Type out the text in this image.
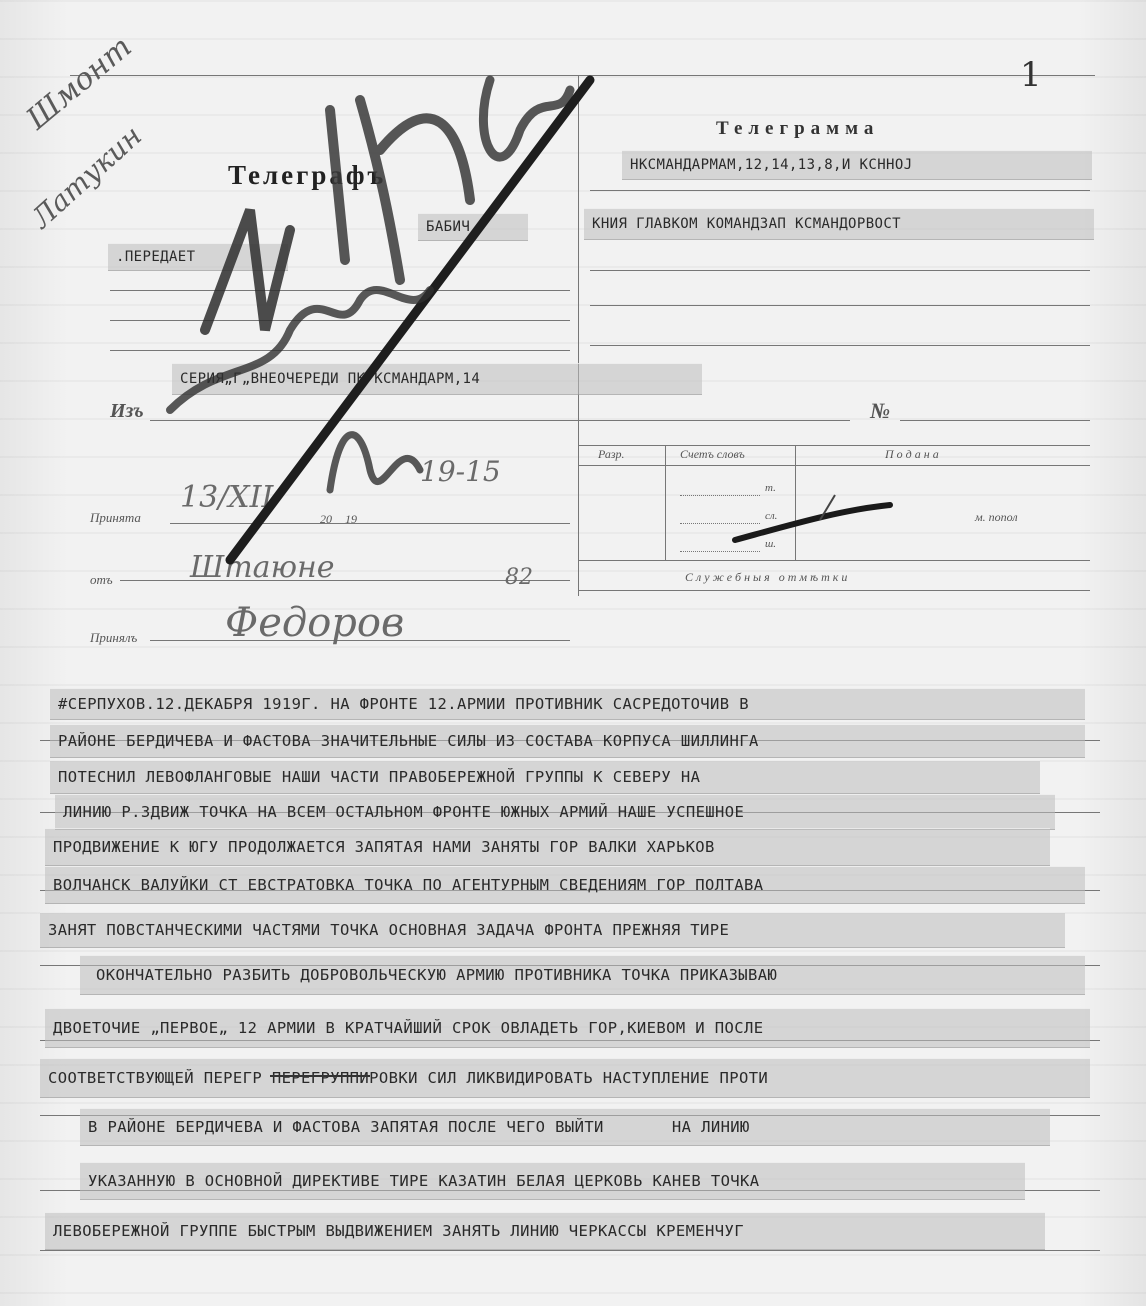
Телеграфъ
Телеграмма
1
Изъ	№
Принята	20 19
отъ
Принялъ
Разр.	Счетъ словъ	П о д а н а
т.
сл.
ш.
м. попол
С л у ж е б н ы я   о т м ѣ т к и
НКСМАНДАРМАМ,12,14,13,8,И КСННОЈ
КНИЯ ГЛАВКОМ КОМАНДЗАП КСМАНДОРВОСТ
.ПЕРЕДАЕТ
БАБИЧ
СЕРИЯ„Г„ВНЕОЧЕРЕДИ ПК КСМАНДАРМ,14
#СЕРПУХОВ.12.ДЕКАБРЯ 1919Г. НА ФРОНТЕ 12.АРМИИ ПРОТИВНИК САСРЕДОТОЧИВ В
РАЙОНЕ БЕРДИЧЕВА И ФАСТОВА ЗНАЧИТЕЛЬНЫЕ СИЛЫ ИЗ СОСТАВА КОРПУСА ШИЛЛИНГА
ПОТЕСНИЛ ЛЕВОФЛАНГОВЫЕ НАШИ ЧАСТИ ПРАВОБЕРЕЖНОЙ ГРУППЫ К СЕВЕРУ НА
ЛИНИЮ Р.ЗДВИЖ ТОЧКА НА ВСЕМ ОСТАЛЬНОМ ФРОНТЕ ЮЖНЫХ АРМИЙ НАШЕ УСПЕШНОЕ
ПРОДВИЖЕНИЕ К ЮГУ ПРОДОЛЖАЕТСЯ ЗАПЯТАЯ НАМИ ЗАНЯТЫ ГОР ВАЛКИ ХАРЬКОВ
ВОЛЧАНСК ВАЛУЙКИ СТ ЕВСТРАТОВКА ТОЧКА ПО АГЕНТУРНЫМ СВЕДЕНИЯМ ГОР ПОЛТАВА
ЗАНЯТ ПОВСТАНЧЕСКИМИ ЧАСТЯМИ ТОЧКА ОСНОВНАЯ ЗАДАЧА ФРОНТА ПРЕЖНЯЯ ТИРЕ
ОКОНЧАТЕЛЬНО РАЗБИТЬ ДОБРОВОЛЬЧЕСКУЮ АРМИЮ ПРОТИВНИКА ТОЧКА ПРИКАЗЫВАЮ
ДВОЕТОЧИЕ „ПЕРВОЕ„ 12 АРМИИ В КРАТЧАЙШИЙ СРОК ОВЛАДЕТЬ ГОР,КИЕВОМ И ПОСЛЕ
СООТВЕТСТВУЮЩЕЙ ПЕРЕГР ПЕРЕГРУППИРОВКИ СИЛ ЛИКВИДИРОВАТЬ НАСТУПЛЕНИЕ ПРОТИ
В РАЙОНЕ БЕРДИЧЕВА И ФАСТОВА ЗАПЯТАЯ ПОСЛЕ ЧЕГО ВЫЙТИ       НА ЛИНИЮ
УКАЗАННУЮ В ОСНОВНОЙ ДИРЕКТИВЕ ТИРЕ КАЗАТИН БЕЛАЯ ЦЕРКОВЬ КАНЕВ ТОЧКА
ЛЕВОБЕРЕЖНОЙ ГРУППЕ БЫСТРЫМ ВЫДВИЖЕНИЕМ ЗАНЯТЬ ЛИНИЮ ЧЕРКАССЫ КРЕМЕНЧУГ
Шмонт
Латукин
13/XII
19-15
Штаюне	82
Федоров
